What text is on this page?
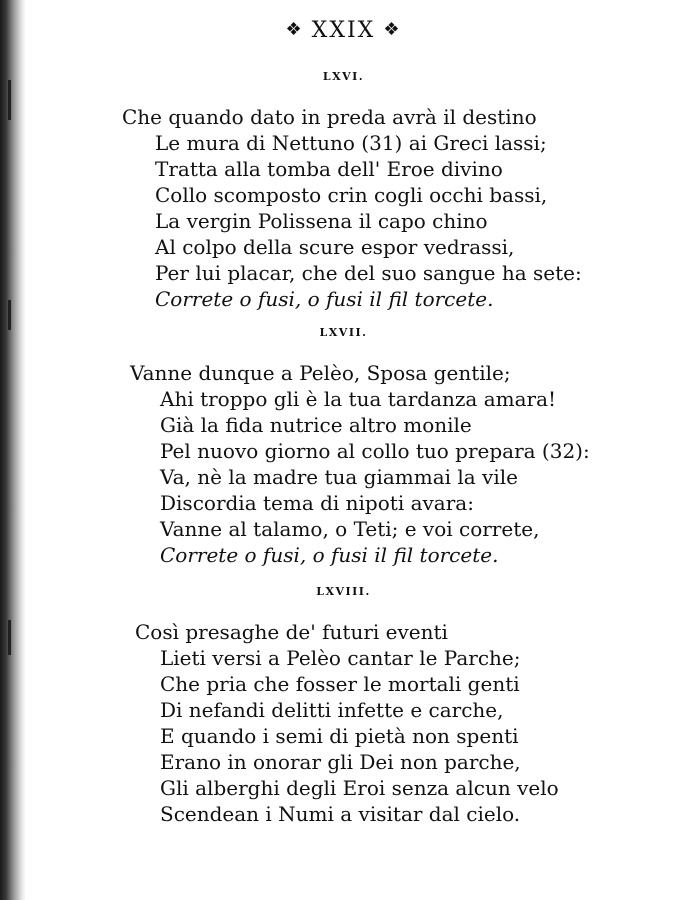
❖ XXIX ❖
LXVI.
Che quando dato in preda avrà il destino
Le mura di Nettuno (31) ai Greci lassi;
Tratta alla tomba dell' Eroe divino
Collo scomposto crin cogli occhi bassi,
La vergin Polissena il capo chino
Al colpo della scure espor vedrassi,
Per lui placar, che del suo sangue ha sete:
Correte o fusi, o fusi il fil torcete.
LXVII.
Vanne dunque a Pelèo, Sposa gentile;
Ahi troppo gli è la tua tardanza amara!
Già la fida nutrice altro monile
Pel nuovo giorno al collo tuo prepara (32):
Va, nè la madre tua giammai la vile
Discordia tema di nipoti avara:
Vanne al talamo, o Teti; e voi correte,
Correte o fusi, o fusi il fil torcete.
LXVIII.
Così presaghe de' futuri eventi
Lieti versi a Pelèo cantar le Parche;
Che pria che fosser le mortali genti
Di nefandi delitti infette e carche,
E quando i semi di pietà non spenti
Erano in onorar gli Dei non parche,
Gli alberghi degli Eroi senza alcun velo
Scendean i Numi a visitar dal cielo.
